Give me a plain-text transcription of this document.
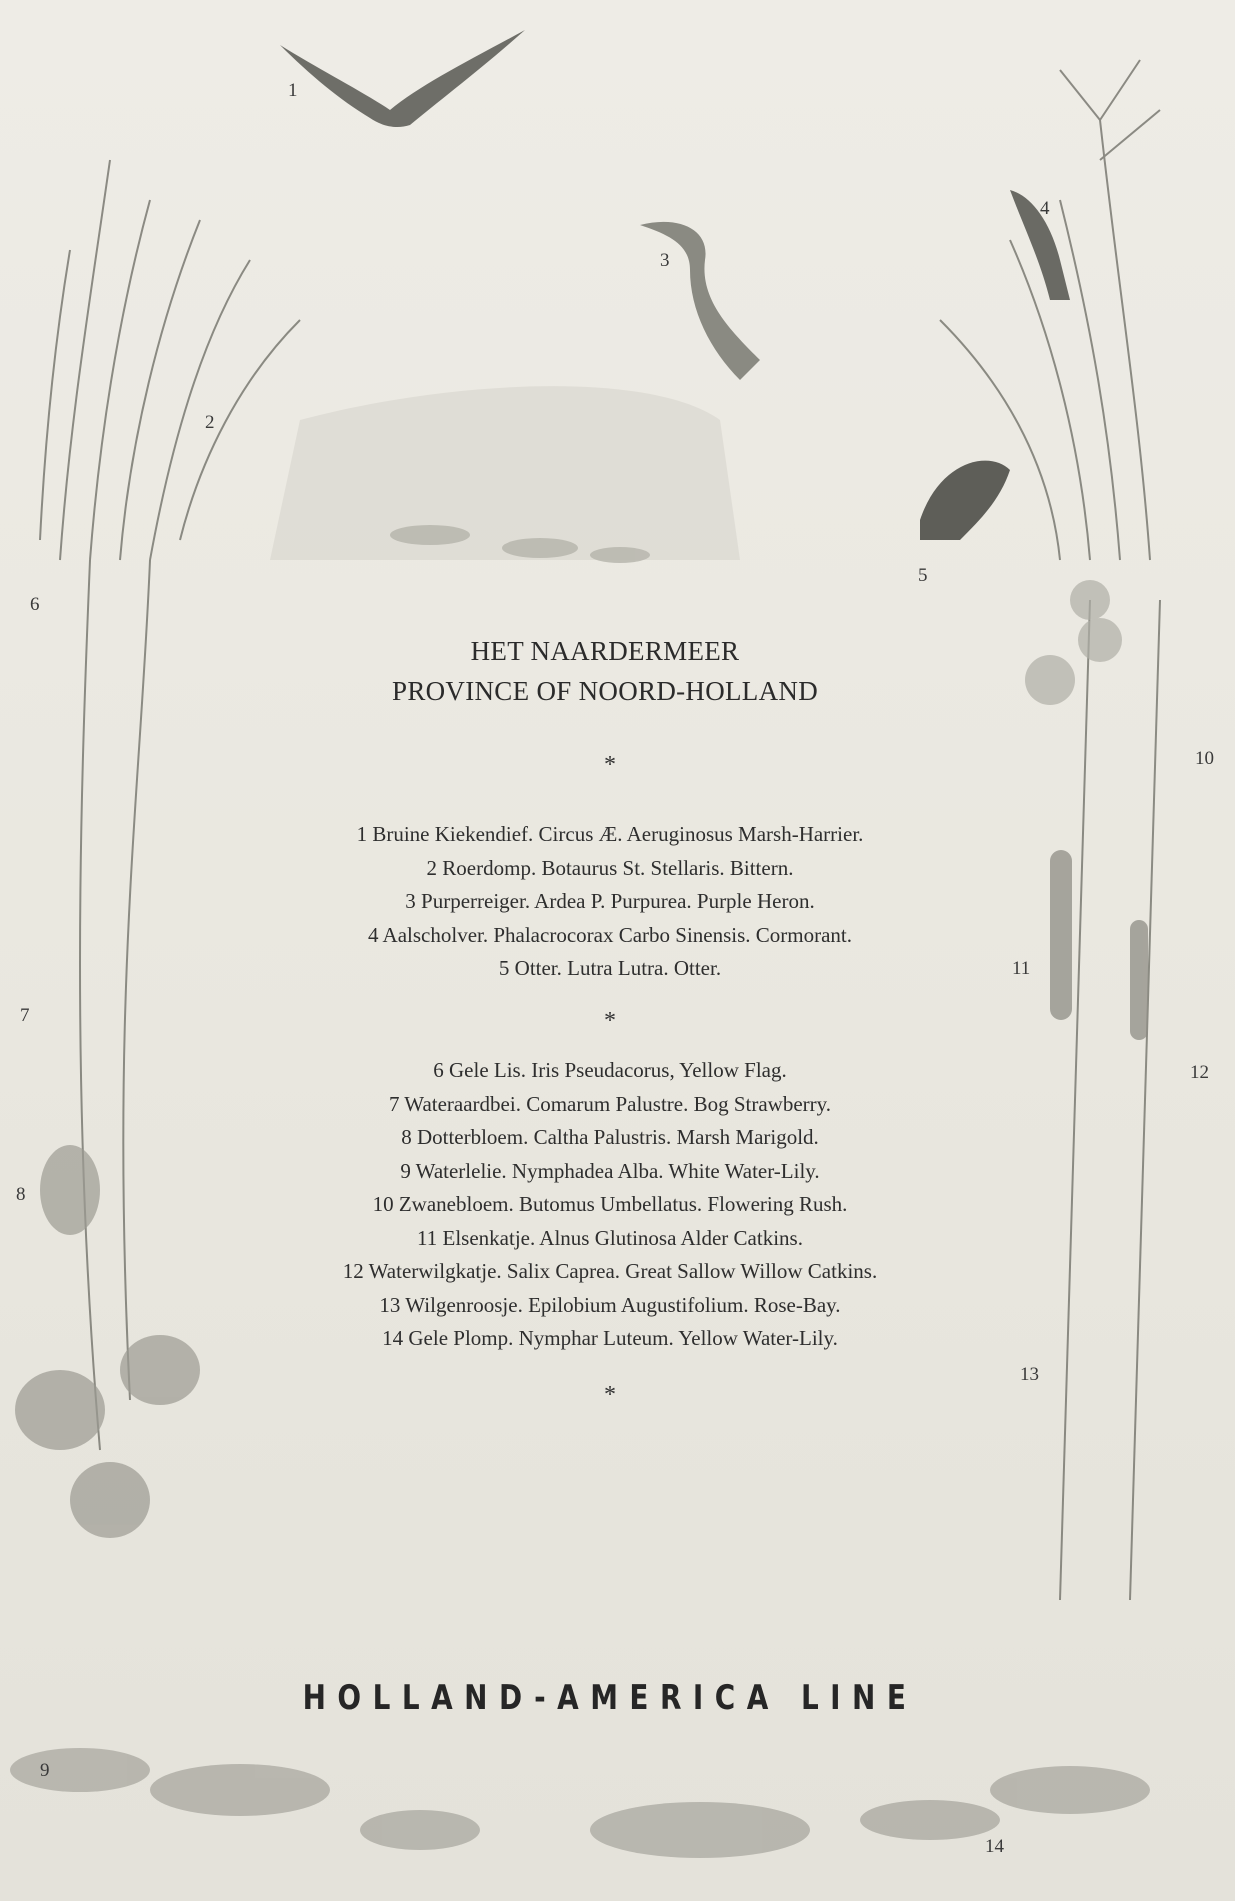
1
2
3
4
5
6
7
8
9
10
11
12
13
14
HET NAARDERMEER
PROVINCE OF NOORD-HOLLAND
*
1 Bruine Kiekendief. Circus Æ. Aeruginosus Marsh-Harrier.
2 Roerdomp. Botaurus St. Stellaris. Bittern.
3 Purperreiger. Ardea P. Purpurea. Purple Heron.
4 Aalscholver. Phalacrocorax Carbo Sinensis. Cormorant.
5 Otter. Lutra Lutra. Otter.
*
6 Gele Lis. Iris Pseudacorus, Yellow Flag.
7 Wateraardbei. Comarum Palustre. Bog Strawberry.
8 Dotterbloem. Caltha Palustris. Marsh Marigold.
9 Waterlelie. Nymphadea Alba. White Water-Lily.
10 Zwanebloem. Butomus Umbellatus. Flowering Rush.
11 Elsenkatje. Alnus Glutinosa Alder Catkins.
12 Waterwilgkatje. Salix Caprea. Great Sallow Willow Catkins.
13 Wilgenroosje. Epilobium Augustifolium. Rose-Bay.
14 Gele Plomp. Nymphar Luteum. Yellow Water-Lily.
*
HOLLAND-AMERICA LINE
